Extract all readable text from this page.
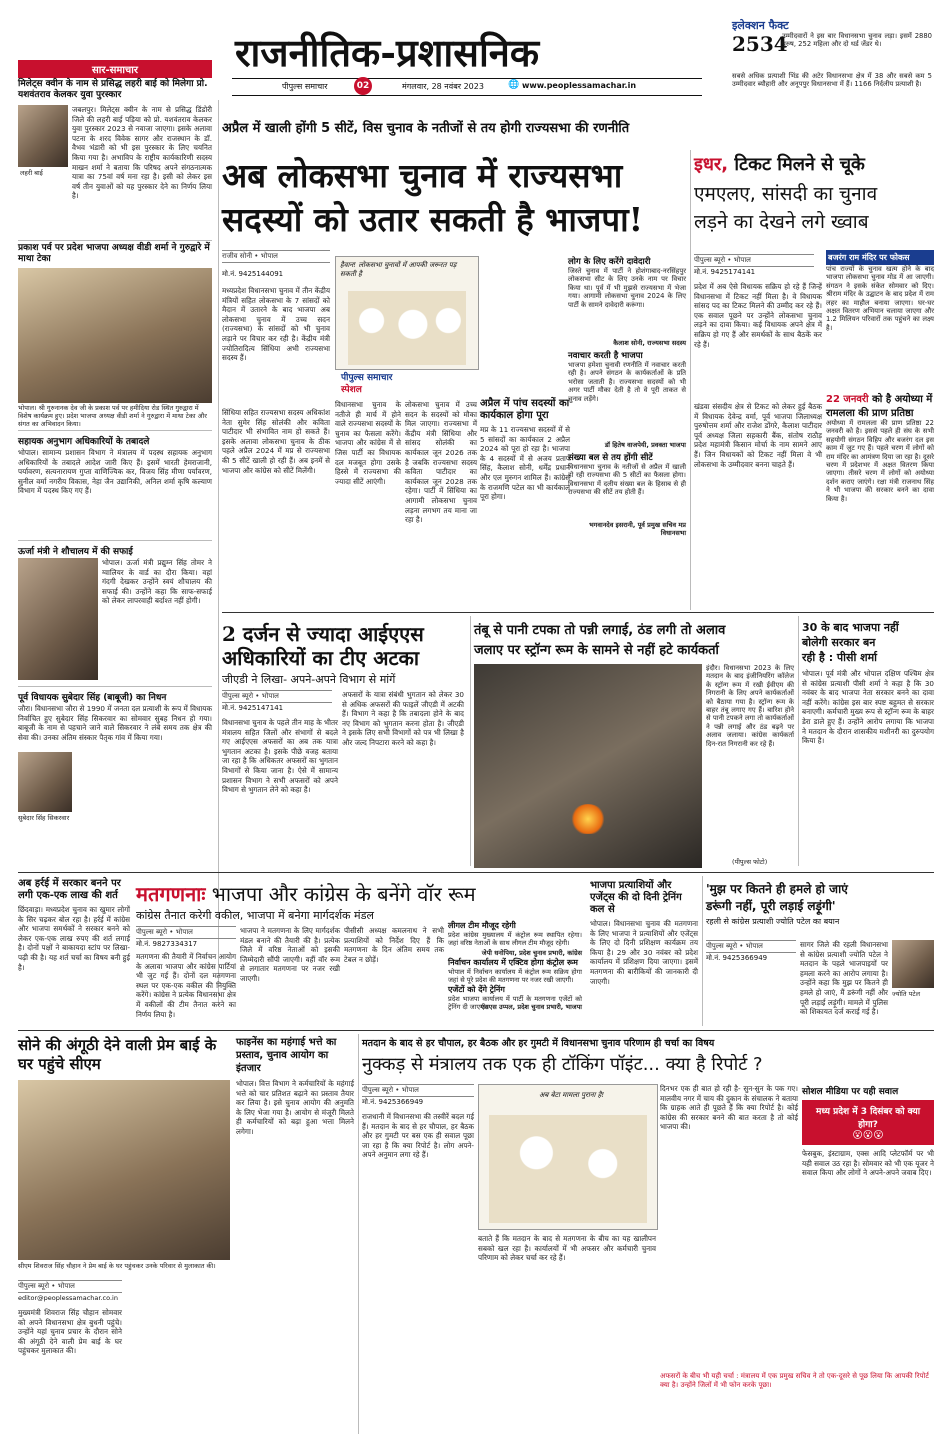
राजनीतिक-प्रशासनिक
पीपुल्स समाचार	02	मंगलवार, 28 नवंबर 2023	🌐 www.peoplessamachar.in
इलेक्शन फैक्ट
2534
उम्मीदवारों ने इस बार विधानसभा चुनाव लड़ा। इसमें 2880 पुरुष, 252 महिला और दो थर्ड जेंडर थे।
सबसे अधिक प्रत्याशी भिंड की अटेर विधानसभा क्षेत्र में 38 और सबसे कम 5 उम्मीदवार ब्यौहारी और अनूपपुर विधानसभा में हैं। 1166 निर्दलीय प्रत्याशी है।
सार-समाचार
मिलेट्स क्वीन के नाम से प्रसिद्ध लहरी बाई को मिलेगा प्रो. यशवंतराव केलकर युवा पुरस्कार
लहरी बाई
जबलपुर। मिलेट्स क्वीन के नाम से प्रसिद्ध डिंडोरी जिले की लहरी बाई पड़िया को प्रो. यशवंतराव केलकर युवा पुरस्कार 2023 से नवाजा जाएगा। इसके अलावा पटना के शरद विवेक सागर और राजस्थान के डॉ. वैभव भंडारी को भी इस पुरस्कार के लिए चयनित किया गया है। अभाविप के राष्ट्रीय कार्यकारिणी सदस्य माखन शर्मा ने बताया कि परिषद अपने संगठनात्मक यात्रा का 75वां वर्ष मना रहा है। इसी को लेकर इस वर्ष तीन युवाओं को यह पुरस्कार देने का निर्णय लिया है।
प्रकाश पर्व पर प्रदेश भाजपा अध्यक्ष वीडी शर्मा ने गुरुद्वारे में माथा टेका
भोपाल। श्री गुरुनानक देव जी के प्रकाश पर्व पर हमीदिया रोड स्थित गुरुद्वारा में विशेष कार्यक्रम हुए। प्रदेश भाजपा अध्यक्ष वीडी शर्मा ने गुरुद्वारा में माथा टेका और संगत का अभिवादन किया।
सहायक अनुभाग अधिकारियों के तबादले
भोपाल। सामान्य प्रशासन विभाग ने मंत्रालय में पदस्थ सहायक अनुभाग अधिकारियों के तबादले आदेश जारी किए हैं। इसमें भारती हेमराजानी, पर्यावरण, सत्यनारायण गुप्ता वाणिज्यिक कर, विजय सिंह मीणा पर्यावरण, सुनील वर्मा नगरीय विकास, नेहा जैन उद्यानिकी, अनिल शर्मा कृषि कल्याण विभाग में पदस्थ किए गए हैं।
ऊर्जा मंत्री ने शौचालय में की सफाई
भोपाल। ऊर्जा मंत्री प्रद्युम्न सिंह तोमर ने ग्वालियर के वार्ड का दौरा किया। वहां गंदगी देखकर उन्होंने स्वयं शौचालय की सफाई की। उन्होंने कहा कि साफ-सफाई को लेकर लापरवाही बर्दाश्त नहीं होगी।
पूर्व विधायक सुबेदार सिंह (बाबूजी) का निधन
जौरा। विधानसभा जौरा से 1990 में जनता दल प्रत्याशी के रूप में विधायक निर्वाचित हुए सुबेदार सिंह सिकरवार का सोमवार सुबह निधन हो गया। बाबूजी के नाम से पहचाने जाने वाले सिकरवार ने लंबे समय तक क्षेत्र की सेवा की। उनका अंतिम संस्कार पैतृक गांव में किया गया।
सुबेदार सिंह सिकरवार
अप्रैल में खाली होंगी 5 सीटें, विस चुनाव के नतीजों से तय होगी राज्यसभा की रणनीति
अब लोकसभा चुनाव में राज्यसभा
सदस्यों को उतार सकती है भाजपा!
राजीव सोनी • भोपाल
मो.नं. 9425144091
मध्यप्रदेश विधानसभा चुनाव में तीन केंद्रीय मंत्रियों सहित लोकसभा के 7 सांसदों को मैदान में उतारने के बाद भाजपा अब लोकसभा चुनाव में उच्च सदन (राज्यसभा) के सांसदों को भी चुनाव लड़ाने पर विचार कर रही है। केंद्रीय मंत्री ज्योतिरादित्य सिंधिया अभी राज्यसभा सदस्य हैं।
सिंधिया सहित राज्यसभा सदस्य अधिकांश नेता सुमेर सिंह सोलंकी और कविता पाटीदार भी संभावित नाम हो सकते हैं। इसके अलावा लोकसभा चुनाव के ठीक पहले अप्रैल 2024 में मप्र से राज्यसभा की 5 सीटें खाली हो रही हैं। अब इनमें से भाजपा और कांग्रेस को सीटें मिलेंगी।
हैवान! लोकसभा चुनावों में आपकी जरूरत पड़ सकती है
पीपुल्स समाचार
स्पेशल
विधानसभा चुनाव के नतीजे ही मार्च में होने वाले राज्यसभा सदस्यों के चुनाव का फैसला करेंगे। भाजपा और कांग्रेस में से जिस पार्टी का विधायक दल मजबूत होगा उसके हिस्से में राज्यसभा की ज्यादा सीटें आएंगी।
लोकसभा चुनाव में उच्च सदन के सदस्यों को मौका मिल जाएगा। राज्यसभा में केंद्रीय मंत्री सिंधिया और सांसद सोलंकी का कार्यकाल जून 2026 तक है जबकि राज्यसभा सदस्य कविता पाटीदार का कार्यकाल जून 2028 तक रहेगा। पार्टी में सिंधिया का आगामी लोकसभा चुनाव लड़ना लगभग तय माना जा रहा है।
अप्रैल में पांच सदस्यों का कार्यकाल होगा पूरा
मप्र के 11 राज्यसभा सदस्यों में से 5 सांसदों का कार्यकाल 2 अप्रैल 2024 को पूरा हो रहा है। भाजपा के 4 सदस्यों में से अजय प्रताप सिंह, कैलाश सोनी, धर्मेंद्र प्रधान और एल मुरुगन शामिल हैं। कांग्रेस के राजमणि पटेल का भी कार्यकाल पूरा होगा।
लोग के लिए करेंगे दावेदारी
जिस्ते चुनाव में पार्टी ने होशंगाबाद-नरसिंहपुर लोकसभा सीट के लिए उनके नाम पर विचार किया था। पूर्व में भी मुझसे राज्यसभा में भेजा गया। आगामी लोकसभा चुनाव 2024 के लिए पार्टी के सामने दावेदारी करूंगा।
कैलाश सोनी, राज्यसभा सदस्य
नवाचार करती है भाजपा
भाजपा हमेशा चुनावी रणनीति में नवाचार करती रही है। अपने संगठन के कार्यकर्ताओं के प्रति भरोसा जताती है। राज्यसभा सदस्यों को भी अगर पार्टी मौका देती है तो वे पूरी ताकत से चुनाव लड़ेंगे।
डॉ हितेष वाजपेयी, प्रवक्ता भाजपा
संख्या बल से तय होंगी सीटें
विधानसभा चुनाव के नतीजों से अप्रैल में खाली हो रही राज्यसभा की 5 सीटों का फैसला होगा। विधानसभा में दलीय संख्या बल के हिसाब से ही राज्यसभा की सीटें तय होती हैं।
भगवानदेव इसरानी, पूर्व प्रमुख सचिव मप्र विधानसभा
इधर, टिकट मिलने से चूके
एमएलए, सांसदी का चुनाव
लड़ने का देखने लगे ख्वाब
पीपुल्स ब्यूरो • भोपाल
मो.नं. 9425174141
प्रदेश में अब ऐसे विधायक सक्रिय हो रहे हैं जिन्हें विधानसभा में टिकट नहीं मिला है। वे विधायक सांसद पद का टिकट मिलने की उम्मीद कर रहे हैं। एक सवाल पूछने पर उन्होंने लोकसभा चुनाव लड़ने का दावा किया। कई विधायक अपने क्षेत्र में सक्रिय हो गए हैं और समर्थकों के साथ बैठकें कर रहे हैं।
खंडवा संसदीय क्षेत्र से टिकट को लेकर हुई बैठक में विधायक देवेन्द्र वर्मा, पूर्व भाजपा जिलाध्यक्ष पुरुषोत्तम शर्मा और राजेश डोंगरे, कैलाश पाटीदार पूर्व अध्यक्ष जिला सहकारी बैंक, संतोष राठौड़ प्रदेश महामंत्री किसान मोर्चा के नाम सामने आए हैं। जिन विधायकों को टिकट नहीं मिला वे भी लोकसभा के उम्मीदवार बनना चाहते हैं।
बजरंग राम मंदिर पर फोकस
पांच राज्यों के चुनाव खत्म होने के बाद भाजपा लोकसभा चुनाव मोड में आ जाएगी। संगठन ने इसके संकेत सोमवार को दिए। श्रीराम मंदिर के उद्घाटन के बाद प्रदेश में राम लहर का माहौल बनाया जाएगा। घर-घर अक्षत वितरण अभियान चलाया जाएगा और 1.2 मिलियन परिवारों तक पहुंचने का लक्ष्य है।
22 जनवरी को है अयोध्या में
रामलला की प्राण प्रतिष्ठा
अयोध्या में रामलला की प्राण प्रतिष्ठा 22 जनवरी को है। इससे पहले ही संघ के सभी सहयोगी संगठन विहिप और बजरंग दल इस काम में जुट गए हैं। पहले चरण में लोगों को राम मंदिर का आमंत्रण दिया जा रहा है। दूसरे चरण में प्रदेशभर में अक्षत वितरण किया जाएगा। तीसरे चरण में लोगों को अयोध्या दर्शन कराए जाएंगे। रक्षा मंत्री राजनाथ सिंह ने भी भाजपा की सरकार बनने का दावा किया है।
2 दर्जन से ज्यादा आईएएस
अधिकारियों का टीए अटका
जीएडी ने लिखा- अपने-अपने विभाग से मांगें
पीपुल्स ब्यूरो • भोपाल
मो.नं. 9425147141
विधानसभा चुनाव के पहले तीन माह के भीतर मंत्रालय सहित जिलों और संभागों से बदले गए आईएएस अफसरों का अब तक यात्रा भुगतान अटका है। इसके पीछे वजह बताया जा रहा है कि अधिकतर अफसरों का भुगतान विभागों से किया जाना है। ऐसे में सामान्य प्रशासन विभाग ने सभी अफसरों को अपने विभाग से भुगतान लेने को कहा है।
अफसरों के यात्रा संबंधी भुगतान को लेकर 30 से अधिक अफसरों की फाइलें जीएडी में अटकी हैं। विभाग ने कहा है कि तबादला होने के बाद नए विभाग को भुगतान करना होता है। जीएडी ने इसके लिए सभी विभागों को पत्र भी लिखा है और जल्द निपटारा करने को कहा है।
तंबू से पानी टपका तो पन्नी लगाई, ठंड लगी तो अलाव
जलाए पर स्ट्रॉन्ग रूम के सामने से नहीं हटे कार्यकर्ता
इंदौर। विधानसभा 2023 के लिए मतदान के बाद इंजीनियरिंग कॉलेज के स्ट्रॉन्ग रूम में रखी ईवीएम की निगरानी के लिए अपने कार्यकर्ताओं को बैठाया गया है। स्ट्रॉन्ग रूम के बाहर तंबू लगाए गए हैं। बारिश होने से पानी टपकने लगा तो कार्यकर्ताओं ने पन्नी लगाई और ठंड बढ़ने पर अलाव जलाया। कांग्रेस कार्यकर्ता दिन-रात निगरानी कर रहे हैं।
(पीपुल्स फोटो)
30 के बाद भाजपा नहीं
बोलेगी सरकार बन
रही है : पीसी शर्मा
भोपाल। पूर्व मंत्री और भोपाल दक्षिण पश्चिम क्षेत्र से कांग्रेस प्रत्याशी पीसी शर्मा ने कहा है कि 30 नवंबर के बाद भाजपा नेता सरकार बनने का दावा नहीं करेंगे। कांग्रेस इस बार स्पष्ट बहुमत से सरकार बनाएगी। कर्मचारी मुख्य रूप से स्ट्रॉन्ग रूम के बाहर डेरा डाले हुए हैं। उन्होंने आरोप लगाया कि भाजपा ने मतदान के दौरान शासकीय मशीनरी का दुरुपयोग किया है।
अब हर्रई में सरकार बनने पर लगी एक-एक लाख की शर्त
छिंदवाड़ा। मध्यप्रदेश चुनाव का खुमार लोगों के सिर चढ़कर बोल रहा है। हर्रई में कांग्रेस और भाजपा समर्थकों ने सरकार बनने को लेकर एक-एक लाख रुपए की शर्त लगाई है। दोनों पक्षों ने बाकायदा स्टांप पर लिखा-पढ़ी की है। यह शर्त चर्चा का विषय बनी हुई है।
मतगणनाः भाजपा और कांग्रेस के बनेंगे वॉर रूम
कांग्रेस तैनात करेगी वकील, भाजपा में बनेगा मार्गदर्शक मंडल
पीपुल्स ब्यूरो • भोपाल
मो.नं. 9827334317
मतगणना की तैयारी में निर्वाचन आयोग के अलावा भाजपा और कांग्रेस पार्टियां भी जुट गई हैं। दोनों दल मतगणना स्थल पर एक-एक वकील की नियुक्ति करेंगे। कांग्रेस ने प्रत्येक विधानसभा क्षेत्र में वकीलों की टीम तैनात करने का निर्णय लिया है।
भाजपा ने मतगणना के लिए मार्गदर्शक मंडल बनाने की तैयारी की है। प्रत्येक जिले में वरिष्ठ नेताओं को इसकी जिम्मेदारी सौंपी जाएगी। वहीं वॉर रूम से लगातार मतगणना पर नजर रखी जाएगी।
पीसीसी अध्यक्ष कमलनाथ ने सभी प्रत्याशियों को निर्देश दिए हैं कि मतगणना के दिन अंतिम समय तक टेबल न छोड़ें।
लीगल टीम मौजूद रहेगी
प्रदेश कांग्रेस मुख्यालय में कंट्रोल रूम स्थापित रहेगा। जहां वरिष्ठ नेताओं के साथ लीगल टीम मौजूद रहेगी।
जेपी धनोपिया, प्रदेश चुनाव प्रभारी, कांग्रेस
निर्वाचन कार्यालय में एक्टिव होगा कंट्रोल रूम
भोपाल में निर्वाचन कार्यालय में कंट्रोल रूम सक्रिय होगा जहां से पूरे प्रदेश की मतगणना पर नजर रखी जाएगी।
एजेंटों को देंगे ट्रेनिंग
प्रदेश भाजपा कार्यालय में पार्टी के मतगणना एजेंटों को ट्रेनिंग दी जाएगी।
एसएस उप्पल, प्रदेश चुनाव प्रभारी, भाजपा
भाजपा प्रत्याशियों और एजेंट्स की दो दिनी ट्रेनिंग कल से
भोपाल। विधानसभा चुनाव की मतगणना के लिए भाजपा ने प्रत्याशियों और एजेंट्स के लिए दो दिनी प्रशिक्षण कार्यक्रम तय किया है। 29 और 30 नवंबर को प्रदेश कार्यालय में प्रशिक्षण दिया जाएगा। इसमें मतगणना की बारीकियों की जानकारी दी जाएगी।
'मुझ पर कितने ही हमले हो जाएं
डरूंगी नहीं, पूरी लड़ाई लड़ूंगी'
रहली से कांग्रेस प्रत्याशी ज्योति पटेल का बयान
पीपुल्स ब्यूरो • भोपाल
मो.नं. 9425366949
सागर जिले की रहली विधानसभा से कांग्रेस प्रत्याशी ज्योति पटेल ने मतदान के पहले भाजपाइयों पर हमला करने का आरोप लगाया है। उन्होंने कहा कि मुझ पर कितने ही हमले हो जाएं, मैं डरूंगी नहीं और पूरी लड़ाई लड़ूंगी। मामले में पुलिस को शिकायत दर्ज कराई गई है।
ज्योति पटेल
सोने की अंगूठी देने वाली प्रेम बाई के घर पहुंचे सीएम
सीएम शिवराज सिंह चौहान ने प्रेम बाई के घर पहुंचकर उनके परिवार से मुलाकात की।
पीपुल्स ब्यूरो • भोपाल
editor@peoplessamachar.co.in
मुख्यमंत्री शिवराज सिंह चौहान सोमवार को अपने विधानसभा क्षेत्र बुधनी पहुंचे। उन्होंने यहां चुनाव प्रचार के दौरान सोने की अंगूठी देने वाली प्रेम बाई के घर पहुंचकर मुलाकात की।
फाइनेंस का महंगाई भत्ते का प्रस्ताव, चुनाव आयोग का इंतजार
भोपाल। वित्त विभाग ने कर्मचारियों के महंगाई भत्ते को चार प्रतिशत बढ़ाने का प्रस्ताव तैयार कर लिया है। इसे चुनाव आयोग की अनुमति के लिए भेजा गया है। आयोग से मंजूरी मिलते ही कर्मचारियों को बढ़ा हुआ भत्ता मिलने लगेगा।
मतदान के बाद से हर चौपाल, हर बैठक और हर गुमटी में विधानसभा चुनाव परिणाम ही चर्चा का विषय
नुक्कड़ से मंत्रालय तक एक ही टॉकिंग पॉइंट... क्या है रिपोर्ट ?
पीपुल्स ब्यूरो • भोपाल
मो.नं. 9425366949
राजधानी में विधानसभा की तस्वीरें बदल गई हैं। मतदान के बाद से हर चौपाल, हर बैठक और हर गुमटी पर बस एक ही सवाल पूछा जा रहा है कि क्या रिपोर्ट है। लोग अपने-अपने अनुमान लगा रहे हैं।
अब बेटा मामला पुराना है!
बताते हैं कि मतदान के बाद से मतगणना के बीच का यह खालीपन सबको खल रहा है। कार्यालयों में भी अफसर और कर्मचारी चुनाव परिणाम को लेकर चर्चा कर रहे हैं।
दिनभर एक ही बात हो रही है- सुन-सुन के पक गए। मालवीय नगर में चाय की दुकान के संचालक ने बताया कि ग्राहक आते ही पूछते हैं कि क्या रिपोर्ट है। कोई कांग्रेस की सरकार बनने की बात करता है तो कोई भाजपा की।
सोशल मीडिया पर यही सवाल
मध्य प्रदेश में 3 दिसंबर को क्या होगा?
😮😮😮
फेसबुक, इंस्टाग्राम, एक्स आदि प्लेटफॉर्म पर भी यही सवाल उठ रहा है। सोमवार को भी एक यूजर ने सवाल किया और लोगों ने अपने-अपने जवाब दिए।
अफसरों के बीच भी यही चर्चा : मंत्रालय में एक प्रमुख सचिव ने तो एक-दूसरे से पूछ लिया कि आपकी रिपोर्ट क्या है। उन्होंने जिलों में भी फोन करके पूछा।
